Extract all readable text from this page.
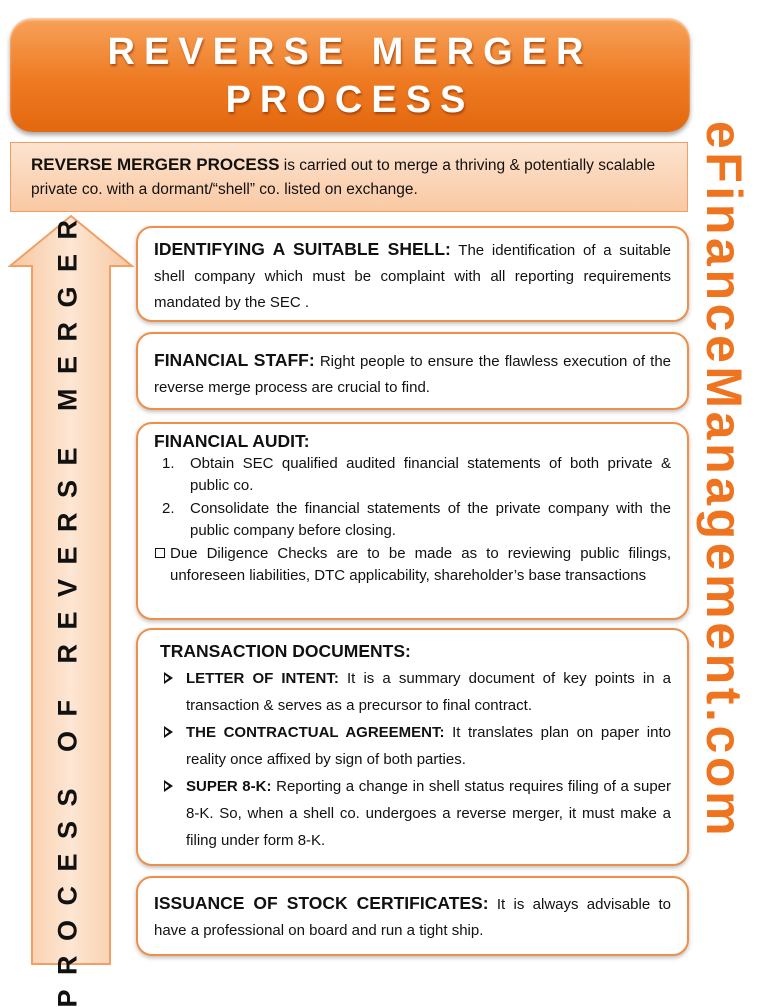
REVERSE MERGER
PROCESS
REVERSE MERGER PROCESS is carried out to merge a thriving & potentially scalable private co. with a dormant/“shell” co. listed on exchange.
PROCESS OF REVERSE MERGER	eFinanceManagement.com
IDENTIFYING A SUITABLE SHELL: The identification of a suitable shell company which must be complaint with all reporting requirements mandated by the SEC .
FINANCIAL STAFF: Right people to ensure the flawless execution of the reverse merge process are crucial to find.
FINANCIAL AUDIT:
1. Obtain SEC qualified audited financial statements of both private & public co.
2. Consolidate the financial statements of the private company with the public company before closing.
Due Diligence Checks are to be made as to reviewing public filings, unforeseen liabilities, DTC applicability, shareholder’s base transactions
TRANSACTION DOCUMENTS:
LETTER OF INTENT: It is a summary document of key points in a transaction & serves as a precursor to final contract.
THE CONTRACTUAL AGREEMENT: It translates plan on paper into reality once affixed by sign of both parties.
SUPER 8-K: Reporting a change in shell status requires filing of a super 8-K. So, when a shell co. undergoes a reverse merger, it must make a filing under form 8-K.
ISSUANCE OF STOCK CERTIFICATES: It is always advisable to have a professional on board and run a tight ship.
